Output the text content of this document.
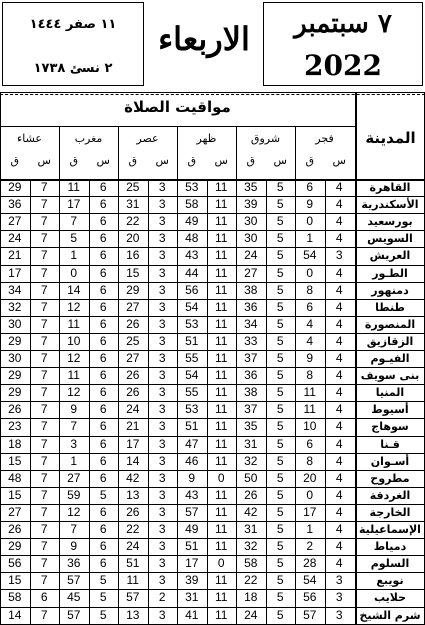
١١ صفر ١٤٤٤
٢ نسئ ١٧٣٨
الاربعاء	٧ سبتمبر
2022
مواقيت الصلاة
المدينة
عشاء
ق	س
مغرب
ق	س
عصر
ق	س
ظهر
ق	س
شروق
ق	س
فجر
ق	س
29	7	11	6	25	3	53	11	35	5	6	4	القاهرة
36	7	17	6	31	3	58	11	39	5	9	4	الأسكندرية
27	7	7	6	22	3	49	11	30	5	0	4	بورسعيد
24	7	5	6	20	3	48	11	30	5	1	4	السويس
21	7	1	6	16	3	43	11	24	5	54	3	العريش
17	7	0	6	15	3	44	11	27	5	0	4	الطـور
34	7	14	6	29	3	56	11	38	5	8	4	دمنهور
32	7	12	6	27	3	54	11	36	5	6	4	طنطا
30	7	11	6	26	3	53	11	34	5	4	4	المنصورة
29	7	10	6	25	3	51	11	33	5	4	4	الزقازيق
30	7	12	6	27	3	55	11	37	5	9	4	الفيـوم
29	7	11	6	26	3	54	11	36	5	8	4	بنى سويف
29	7	12	6	26	3	55	11	38	5	11	4	المنيا
26	7	9	6	24	3	53	11	37	5	11	4	أسيوط
23	7	7	6	21	3	51	11	35	5	10	4	سوهاج
18	7	3	6	17	3	47	11	31	5	6	4	قـنا
15	7	1	6	14	3	46	11	32	5	8	4	أسـوان
48	7	27	6	42	3	9	0	50	5	20	4	مطروح
15	7	59	5	13	3	43	11	26	5	0	4	الغردقة
27	7	12	6	26	3	57	11	42	5	17	4	الخارجة
26	7	7	6	22	3	49	11	31	5	1	4	الإسماعيلية
29	7	9	6	24	3	51	11	32	5	2	4	دمياط
56	7	36	6	51	3	17	0	58	5	28	4	السلوم
15	7	57	5	11	3	39	11	22	5	54	3	نويبع
58	6	45	5	57	2	31	11	18	5	56	3	حلايب
14	7	57	5	13	3	41	11	24	5	57	3	شرم الشيخ
